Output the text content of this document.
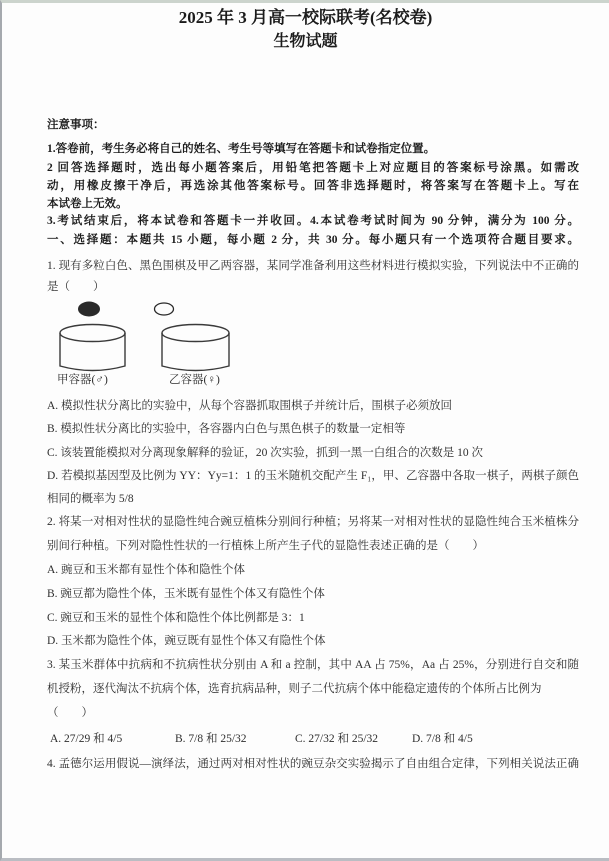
2025 年 3 月高一校际联考(名校卷)
生物试题
注意事项：
1.答卷前，考生务必将自己的姓名、考生号等填写在答题卡和试卷指定位置。
2 回答选择题时，选出每小题答案后，用铅笔把答题卡上对应题目的答案标号涂黑。如需改
动，用橡皮擦干净后，再选涂其他答案标号。回答非选择题时，将答案写在答题卡上。写在
本试卷上无效。
3.考试结束后，将本试卷和答题卡一并收回。4.本试卷考试时间为 90 分钟，满分为 100 分。
一、选择题：本题共 15 小题，每小题 2 分，共 30 分。每小题只有一个选项符合题目要求。
1. 现有多粒白色、黑色围棋及甲乙两容器，某同学准备利用这些材料进行模拟实验，下列说法中不正确的
是（　　）
甲容器(♂)	乙容器(♀)
A. 模拟性状分离比的实验中，从每个容器抓取围棋子并统计后，围棋子必须放回
B. 模拟性状分离比的实验中，各容器内白色与黑色棋子的数量一定相等
C. 该装置能模拟对分离现象解释的验证，20 次实验，抓到一黑一白组合的次数是 10 次
D. 若模拟基因型及比例为 YY：Yy=1：1 的玉米随机交配产生 F₁，甲、乙容器中各取一棋子，两棋子颜色
相同的概率为 5/8
2. 将某一对相对性状的显隐性纯合豌豆植株分别间行种植；另将某一对相对性状的显隐性纯合玉米植株分
别间行种植。下列对隐性性状的一行植株上所产生子代的显隐性表述正确的是（　　）
A. 豌豆和玉米都有显性个体和隐性个体
B. 豌豆都为隐性个体，玉米既有显性个体又有隐性个体
C. 豌豆和玉米的显性个体和隐性个体比例都是 3：1
D. 玉米都为隐性个体，豌豆既有显性个体又有隐性个体
3. 某玉米群体中抗病和不抗病性状分别由 A 和 a 控制，其中 AA 占 75%，Aa 占 25%，分别进行自交和随
机授粉，逐代淘汰不抗病个体，选育抗病品种，则子二代抗病个体中能稳定遗传的个体所占比例为
（　　）
A. 27/29 和 4/5	B. 7/8 和 25/32	C. 27/32 和 25/32	D. 7/8 和 4/5
4. 孟德尔运用假说—演绎法，通过两对相对性状的豌豆杂交实验揭示了自由组合定律，下列相关说法正确
